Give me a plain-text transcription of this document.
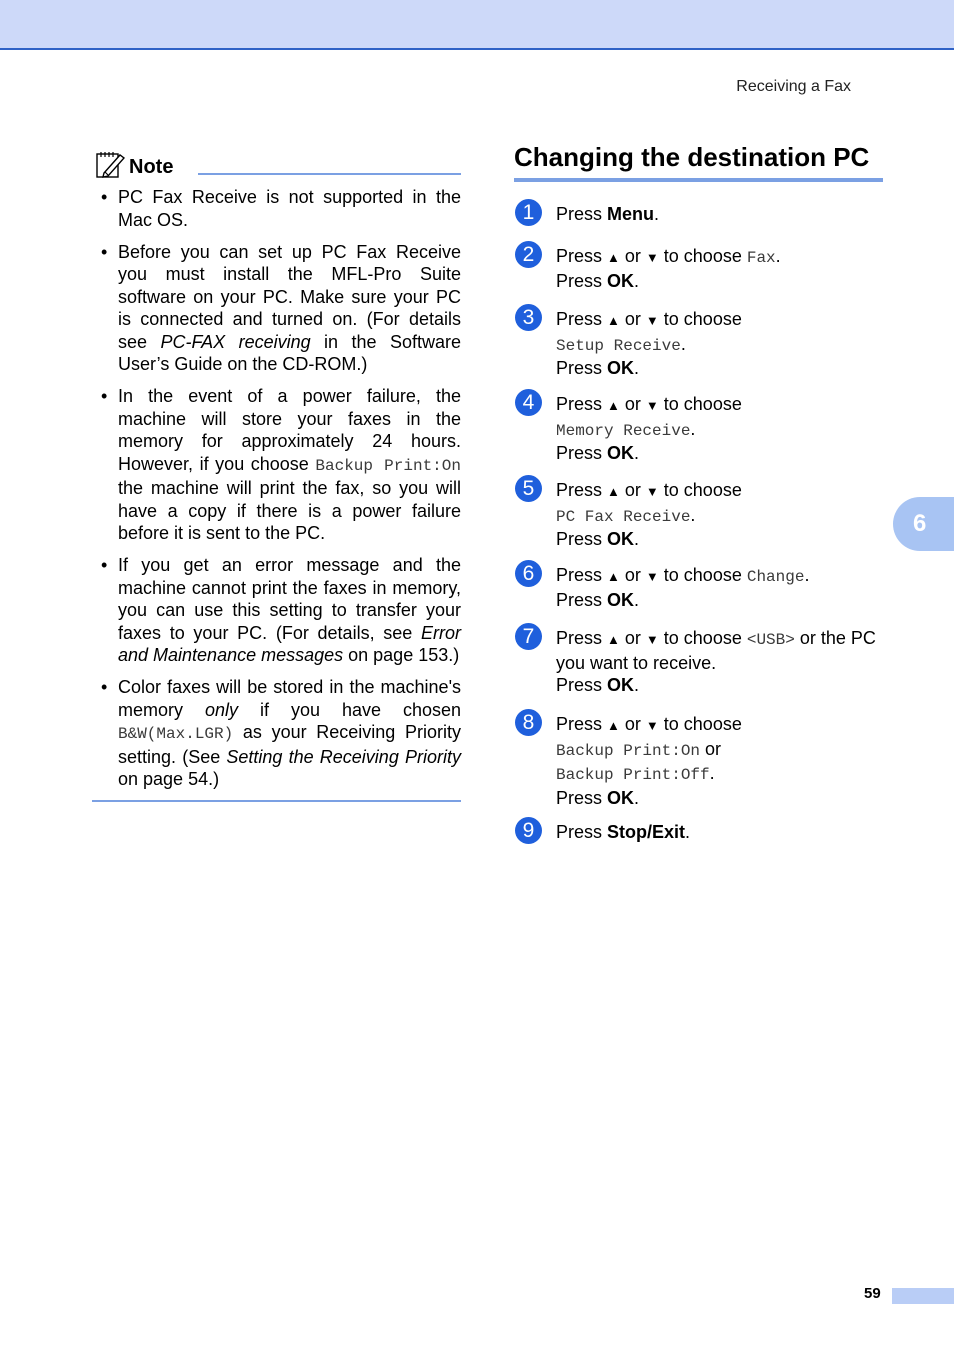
Receiving a Fax
Note
• PC Fax Receive is not supported in the Mac OS.
• Before you can set up PC Fax Receive you must install the MFL-Pro Suite software on your PC. Make sure your PC is connected and turned on. (For details see PC-FAX receiving in the Software User’s Guide on the CD-ROM.)
• In the event of a power failure, the machine will store your faxes in the memory for approximately 24 hours. However, if you choose Backup Print:On the machine will print the fax, so you will have a copy if there is a power failure before it is sent to the PC.
• If you get an error message and the machine cannot print the faxes in memory, you can use this setting to transfer your faxes to your PC. (For details, see Error and Maintenance messages on page 153.)
• Color faxes will be stored in the machine's memory only if you have chosen B&W(Max.LGR) as your Receiving Priority setting. (See Setting the Receiving Priority on page 54.)
Changing the destination PC
1	Press Menu.
2	Press ▲ or ▼ to choose Fax.
Press OK.
3	Press ▲ or ▼ to choose
Setup Receive.
Press OK.
4	Press ▲ or ▼ to choose
Memory Receive.
Press OK.
5	Press ▲ or ▼ to choose
PC Fax Receive.
Press OK.
6	Press ▲ or ▼ to choose Change.
Press OK.
7	Press ▲ or ▼ to choose <USB> or the PC you want to receive.
Press OK.
8	Press ▲ or ▼ to choose
Backup Print:On or
Backup Print:Off.
Press OK.
9	Press Stop/Exit.
6
59
